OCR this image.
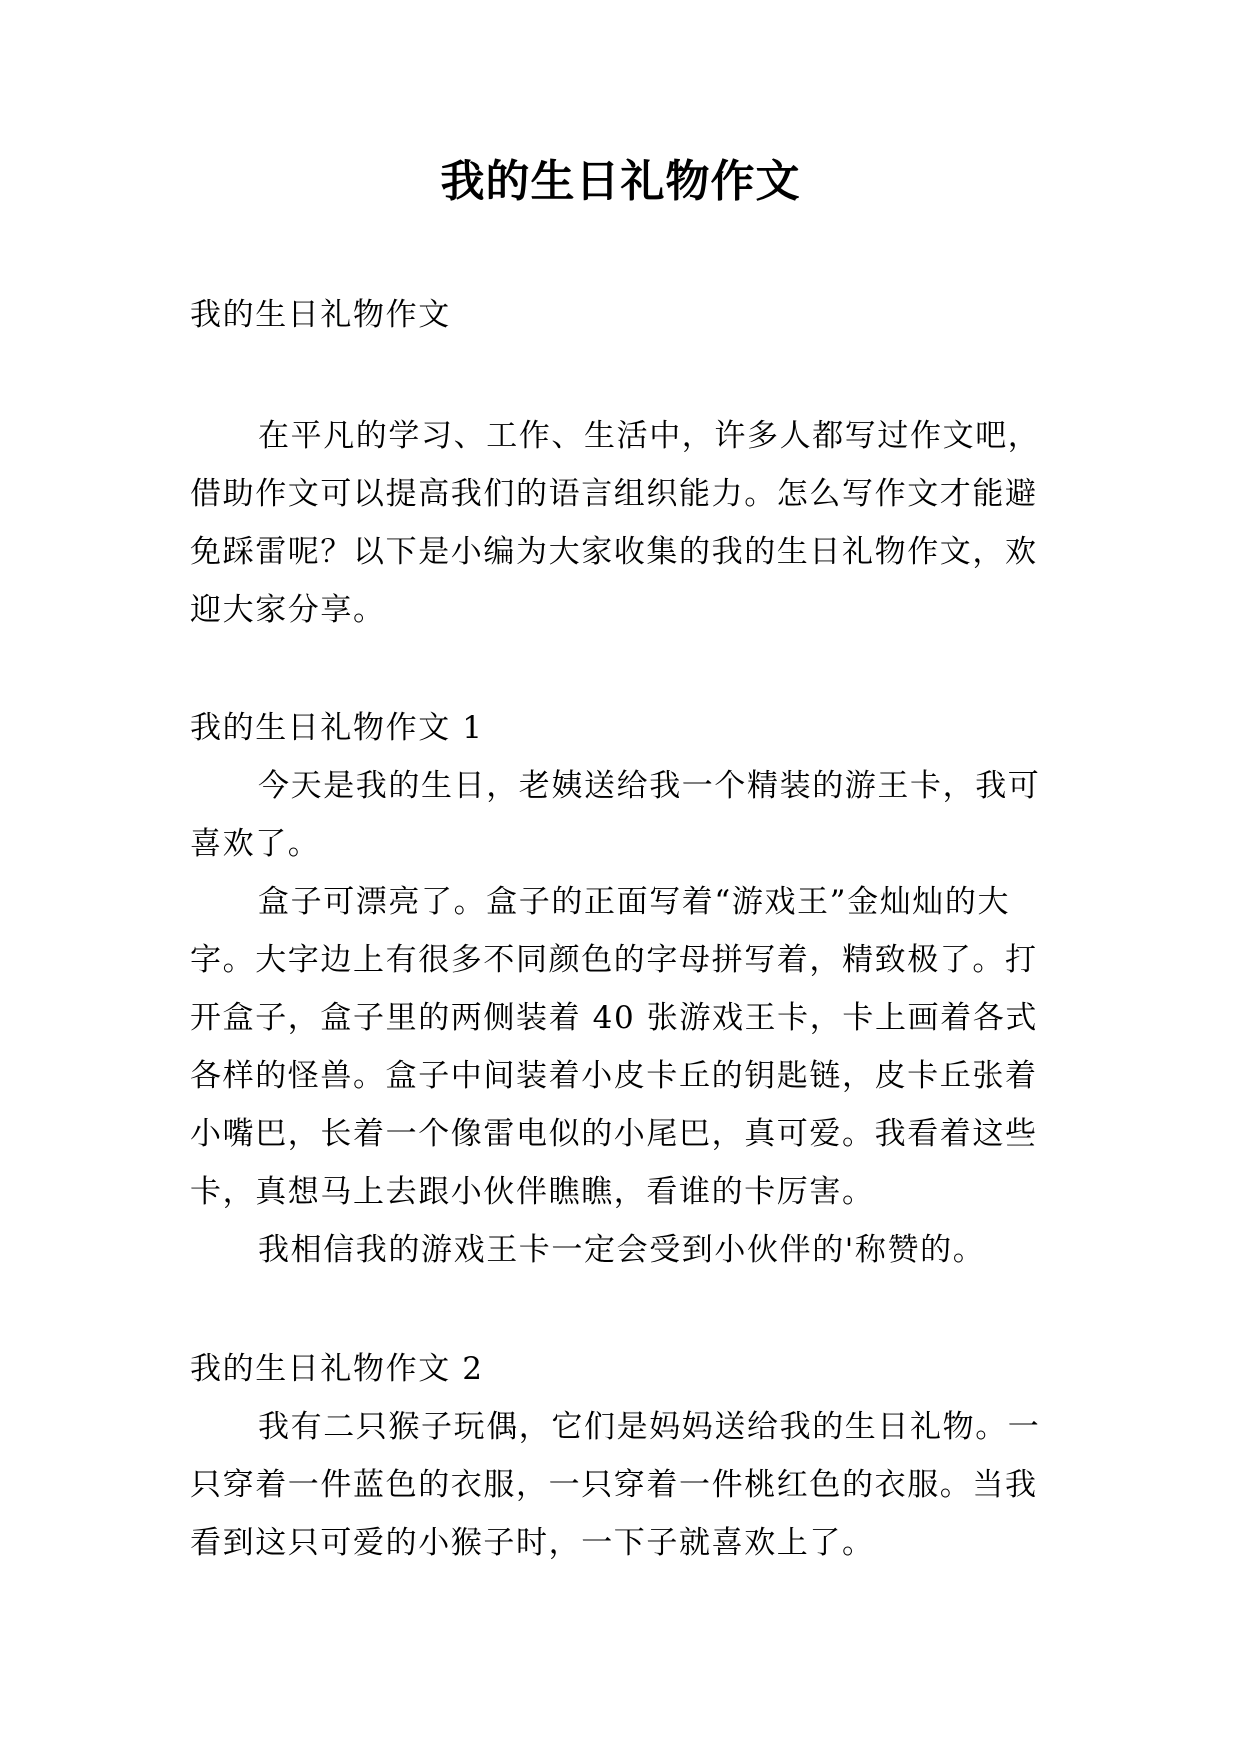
我的生日礼物作文

我的生日礼物作文

在平凡的学习、工作、生活中，许多人都写过作文吧，借助作文可以提高我们的语言组织能力。怎么写作文才能避免踩雷呢？以下是小编为大家收集的我的生日礼物作文，欢迎大家分享。

我的生日礼物作文 1

今天是我的生日，老姨送给我一个精装的游王卡，我可喜欢了。

盒子可漂亮了。盒子的正面写着“游戏王”金灿灿的大字。大字边上有很多不同颜色的字母拼写着，精致极了。打开盒子，盒子里的两侧装着 40 张游戏王卡，卡上画着各式各样的怪兽。盒子中间装着小皮卡丘的钥匙链，皮卡丘张着小嘴巴，长着一个像雷电似的小尾巴，真可爱。我看着这些卡，真想马上去跟小伙伴瞧瞧，看谁的卡厉害。

我相信我的游戏王卡一定会受到小伙伴的'称赞的。

我的生日礼物作文 2

我有二只猴子玩偶，它们是妈妈送给我的生日礼物。一只穿着一件蓝色的衣服，一只穿着一件桃红色的衣服。当我看到这只可爱的小猴子时，一下子就喜欢上了。
